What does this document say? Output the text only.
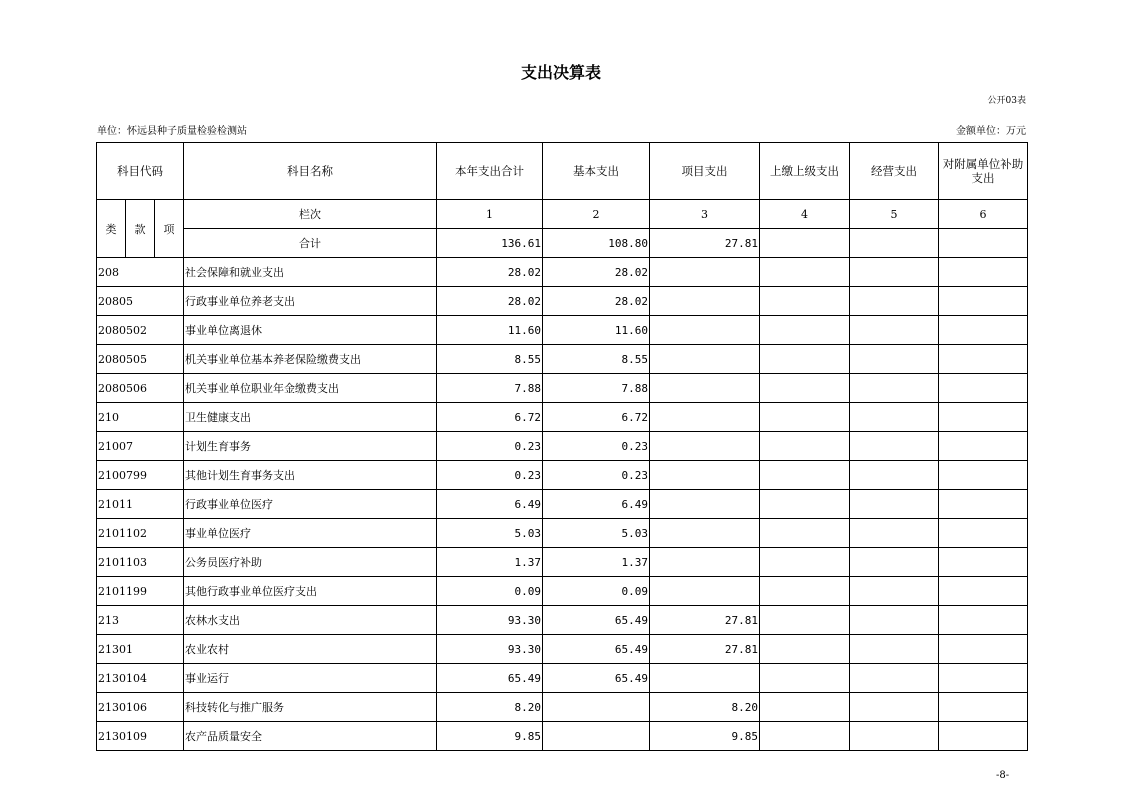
支出决算表
公开03表
单位：怀远县种子质量检验检测站	金额单位：万元
科目代码			科目名称	本年支出合计	基本支出	项目支出	上缴上级支出	经营支出	对附属单位补助支出
类	款	项	栏次	1	2	3	4	5	6
			合计	136.61	108.80	27.81			
208			社会保障和就业支出	28.02	28.02				
20805			行政事业单位养老支出	28.02	28.02				
2080502			事业单位离退休	11.60	11.60				
2080505			机关事业单位基本养老保险缴费支出	8.55	8.55				
2080506			机关事业单位职业年金缴费支出	7.88	7.88				
210			卫生健康支出	6.72	6.72				
21007			计划生育事务	0.23	0.23				
2100799			其他计划生育事务支出	0.23	0.23				
21011			行政事业单位医疗	6.49	6.49				
2101102			事业单位医疗	5.03	5.03				
2101103			公务员医疗补助	1.37	1.37				
2101199			其他行政事业单位医疗支出	0.09	0.09				
213			农林水支出	93.30	65.49	27.81			
21301			农业农村	93.30	65.49	27.81			
2130104			事业运行	65.49	65.49				
2130106			科技转化与推广服务	8.20		8.20			
2130109			农产品质量安全	9.85		9.85			
-8-
